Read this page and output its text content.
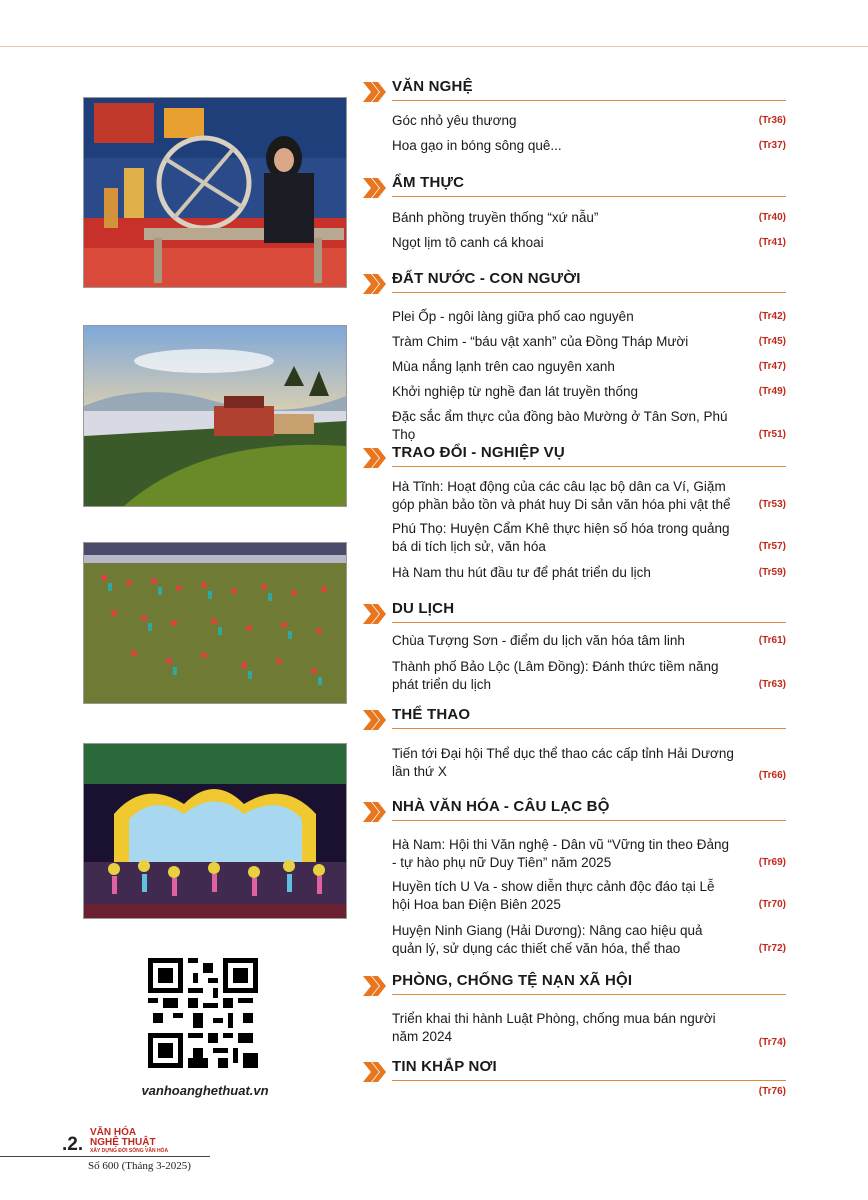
vanhoanghethuat.vn
VĂN NGHỆ
Góc nhỏ yêu thương	(Tr36)
Hoa gạo in bóng sông quê...	(Tr37)
ẨM THỰC
Bánh phồng truyền thống “xứ nẫu”	(Tr40)
Ngọt lịm tô canh cá khoai	(Tr41)
ĐẤT NƯỚC - CON NGƯỜI
Plei Ốp - ngôi làng giữa phố cao nguyên	(Tr42)
Tràm Chim - “báu vật xanh” của Đồng Tháp Mười	(Tr45)
Mùa nắng lạnh trên cao nguyên xanh	(Tr47)
Khởi nghiệp từ nghề đan lát truyền thống	(Tr49)
Đặc sắc ẩm thực của đồng bào Mường ở Tân Sơn, Phú Thọ	(Tr51)
TRAO ĐỔI - NGHIỆP VỤ
Hà Tĩnh: Hoạt động của các câu lạc bộ dân ca Ví, Giặm góp phần bảo tồn và phát huy Di sản văn hóa phi vật thể	(Tr53)
Phú Thọ: Huyện Cẩm Khê thực hiện số hóa trong quảng bá di tích lịch sử, văn hóa	(Tr57)
Hà Nam thu hút đầu tư để phát triển du lịch	(Tr59)
DU LỊCH
Chùa Tượng Sơn - điểm du lịch văn hóa tâm linh	(Tr61)
Thành phố Bảo Lộc (Lâm Đồng): Đánh thức tiềm năng phát triển du lịch	(Tr63)
THỂ THAO
Tiến tới Đại hội Thể dục thể thao các cấp tỉnh Hải Dương lần thứ X	(Tr66)
NHÀ VĂN HÓA - CÂU LẠC BỘ
Hà Nam: Hội thi Văn nghệ - Dân vũ “Vững tin theo Đảng - tự hào phụ nữ Duy Tiên” năm 2025	(Tr69)
Huyền tích U Va - show diễn thực cảnh độc đáo tại Lễ hội Hoa ban Điện Biên 2025	(Tr70)
Huyện Ninh Giang (Hải Dương): Nâng cao hiệu quả quản lý, sử dụng các thiết chế văn hóa, thể thao	(Tr72)
PHÒNG, CHỐNG TỆ NẠN XÃ HỘI
Triển khai thi hành Luật Phòng, chống mua bán người năm 2024	(Tr74)
TIN KHẮP NƠI
(Tr76)
.2.
VĂN HÓA
NGHỆ THUẬT
XÂY DỰNG ĐỜI SỐNG VĂN HÓA
Số 600 (Tháng 3-2025)
